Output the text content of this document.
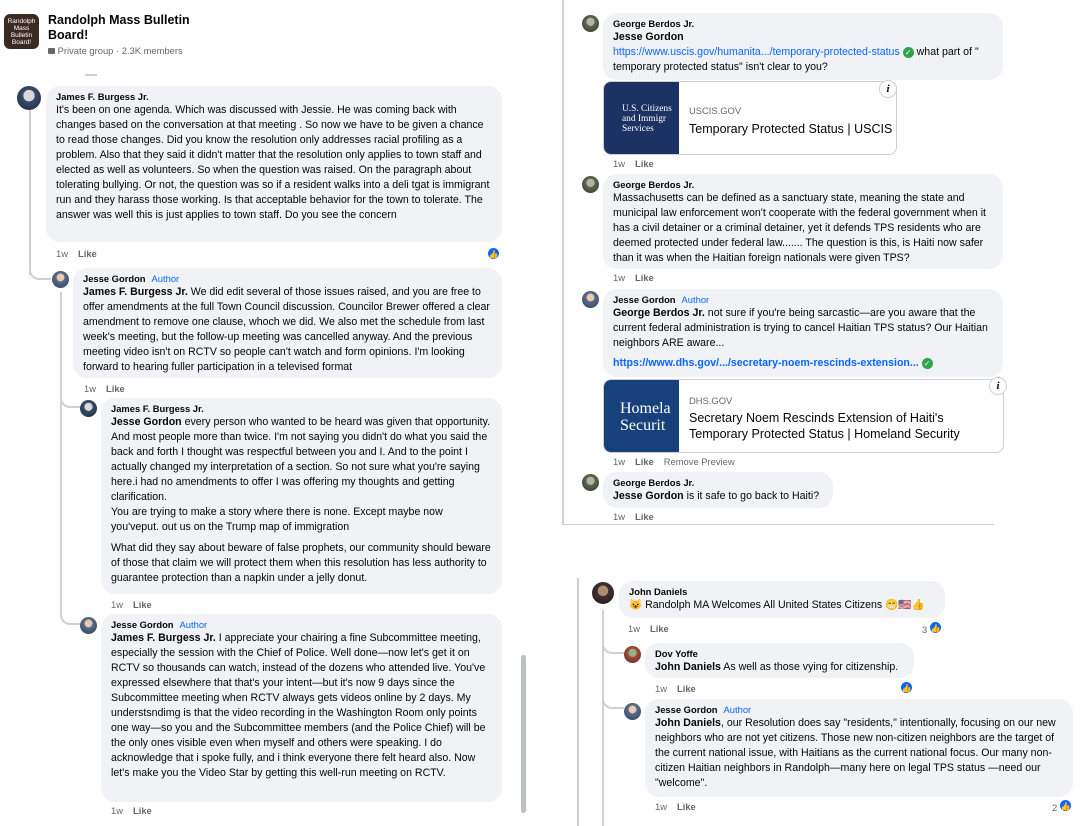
Randolph Mass Bulletin Board!
Randolph Mass Bulletin Board!
Private group · 2.3K members
James F. Burgess Jr.
It's been on one agenda. Which was discussed with Jessie. He was coming back with changes based on the conversation at that meeting . So now we have to be given a chance to read those changes. Did you know the resolution only addresses racial profiling as a problem. Also that they said it didn't matter that the resolution only applies to town staff and elected as well as volunteers. So when the question was raised. On the paragraph about tolerating bullying. Or not, the question was so if a resident walks into a deli tgat is immigrant run and they harass those working. Is that acceptable behavior for the town to tolerate. The answer was well this is just applies to town staff. Do you see the concern
1w Like	👍
Jesse Gordon Author
James F. Burgess Jr. We did edit several of those issues raised, and you are free to offer amendments at the full Town Council discussion. Councilor Brewer offered a clear amendment to remove one clause, whoch we did. We also met the schedule from last week's meeting, but the follow-up meeting was cancelled anyway. And the previous meeting video isn't on RCTV so people can't watch and form opinions. I'm looking forward to hearing fuller participation in a televised format
1w Like
James F. Burgess Jr.
Jesse Gordon every person who wanted to be heard was given that opportunity. And most people more than twice. I'm not saying you didn't do what you said the back and forth I thought was respectful between you and I. And to the point I actually changed my interpretation of a section. So not sure what you're saying here.i had no amendments to offer I was offering my thoughts and getting clarification.

You are trying to make a story where there is none. Except maybe now you'veput. out us on the Trump map of immigration

What did they say about beware of false prophets, our community should beware of those that claim we will protect them when this resolution has less authority to guarantee protection than a napkin under a jelly donut.

1w Like
Jesse Gordon Author
James F. Burgess Jr. I appreciate your chairing a fine Subcommittee meeting, especially the session with the Chief of Police. Well done—now let's get it on RCTV so thousands can watch, instead of the dozens who attended live. You've expressed elsewhere that that's your intent—but it's now 9 days since the Subcommittee meeting when RCTV always gets videos online by 2 days. My understsndimg is that the video recording in the Washington Room only points one way—so you and the Subcommittee members (and the Police Chief) will be the only ones visible even when myself and others were speaking. I do acknowledge that i spoke fully, and i think everyone there felt heard also. Now let's make you the Video Star by getting this well-run meeting on RCTV.
1w Like
George Berdos Jr.
Jesse Gordon
https://www.uscis.gov/humanita.../temporary-protected-status ✓ what part of " temporary protected status" isn't clear to you?
U.S. Citizens and Immigr Services
USCIS.GOV
Temporary Protected Status | USCIS
i
1w Like
George Berdos Jr.
Massachusetts can be defined as a sanctuary state, meaning the state and municipal law enforcement won't cooperate with the federal government when it has a civil detainer or a criminal detainer, yet it defends TPS residents who are deemed protected under federal law....... The question is this, is Haiti now safer than it was when the Haitian foreign nationals were given TPS?
1w Like
Jesse Gordon Author
George Berdos Jr. not sure if you're being sarcastic—are you aware that the current federal administration is trying to cancel Haitian TPS status? Our Haitian neighbors ARE aware...
https://www.dhs.gov/.../secretary-noem-rescinds-extension... ✓
Homela Securit
DHS.GOV
Secretary Noem Rescinds Extension of Haiti's Temporary Protected Status | Homeland Security
i
1w Like Remove Preview
George Berdos Jr.
Jesse Gordon is it safe to go back to Haiti?
1w Like
John Daniels
😺 Randolph MA Welcomes All United States Citizens 😁🇺🇸👍
1w Like	3 👍
Dov Yoffe
John Daniels As well as those vying for citizenship.
1w Like	👍
Jesse Gordon Author
John Daniels, our Resolution does say "residents," intentionally, focusing on our new neighbors who are not yet citizens. Those new non-citizen neighbors are the target of the current national issue, with Haitians as the current national focus. Our many non-citizen Haitian neighbors in Randolph—many here on legal TPS status —need our "welcome".
1w Like	2 👍
